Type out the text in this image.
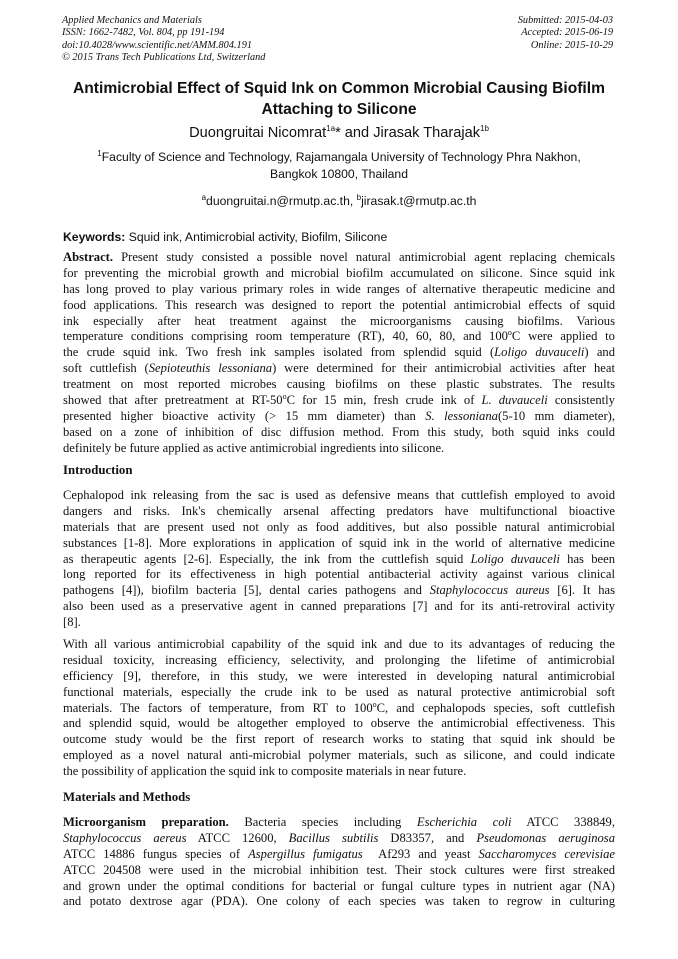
Applied Mechanics and Materials
ISSN: 1662-7482, Vol. 804, pp 191-194
doi:10.4028/www.scientific.net/AMM.804.191
© 2015 Trans Tech Publications Ltd, Switzerland
Submitted: 2015-04-03
Accepted: 2015-06-19
Online: 2015-10-29
Antimicrobial Effect of Squid Ink on Common Microbial Causing Biofilm
Attaching to Silicone
Duongruitai Nicomrat$^{1a}$* and Jirasak Tharajak$^{1b}$
$^1$Faculty of Science and Technology, Rajamangala University of Technology Phra Nakhon,
Bangkok 10800, Thailand
$^a$duongruitai.n@rmutp.ac.th, $^b$jirasak.t@rmutp.ac.th
Keywords: Squid ink, Antimicrobial activity, Biofilm, Silicone
Abstract. Present study consisted a possible novel natural antimicrobial agent replacing chemicals
for preventing the microbial growth and microbial biofilm accumulated on silicone. Since squid ink
has long proved to play various primary roles in wide ranges of alternative therapeutic medicine and
food applications. This research was designed to report the potential antimicrobial effects of squid
ink especially after heat treatment against the microorganisms causing biofilms. Various
temperature conditions comprising room temperature (RT), 40, 60, 80, and 100$^o$C were applied to
the crude squid ink. Two fresh ink samples isolated from splendid squid (Loligo duvauceli) and
soft cuttlefish (Sepioteuthis lessoniana) were determined for their antimicrobial activities after heat
treatment on most reported microbes causing biofilms on these plastic substrates. The results
showed that after pretreatment at RT-50$^o$C for 15 min, fresh crude ink of L. duvauceli consistently
presented higher bioactive activity (> 15 mm diameter) than S. lessoniana(5-10 mm diameter),
based on a zone of inhibition of disc diffusion method. From this study, both squid inks could
definitely be future applied as active antimicrobial ingredients into silicone.
Introduction
Cephalopod ink releasing from the sac is used as defensive means that cuttlefish employed to avoid
dangers and risks. Ink's chemically arsenal affecting predators have multifunctional bioactive
materials that are present used not only as food additives, but also possible natural antimicrobial
substances [1-8]. More explorations in application of squid ink in the world of alternative medicine
as therapeutic agents [2-6]. Especially, the ink from the cuttlefish squid Loligo duvauceli has been
long reported for its effectiveness in high potential antibacterial activity against various clinical
pathogens [4]), biofilm bacteria [5], dental caries pathogens and Staphylococcus aureus [6]. It has
also been used as a preservative agent in canned preparations [7] and for its anti-retroviral activity
[8].
With all various antimicrobial capability of the squid ink and due to its advantages of reducing the
residual toxicity, increasing efficiency, selectivity, and prolonging the lifetime of antimicrobial
efficiency [9], therefore, in this study, we were interested in developing natural antimicrobial
functional materials, especially the crude ink to be used as natural protective antimicrobial soft
materials. The factors of temperature, from RT to 100$^o$C, and cephalopods species, soft cuttlefish
and splendid squid, would be altogether employed to observe the antimicrobial effectiveness. This
outcome study would be the first report of research works to stating that squid ink should be
employed as a novel natural anti-microbial polymer materials, such as silicone, and could indicate
the possibility of application the squid ink to composite materials in near future.
Materials and Methods
Microorganism preparation. Bacteria species including Escherichia coli ATCC 338849,
Staphylococcus aereus ATCC 12600, Bacillus subtilis D83357, and Pseudomonas aeruginosa
ATCC 14886 fungus species of Aspergillus fumigatus  Af293 and yeast Saccharomyces cerevisiae
ATCC 204508 were used in the microbial inhibition test. Their stock cultures were first streaked
and grown under the optimal conditions for bacterial or fungal culture types in nutrient agar (NA)
and potato dextrose agar (PDA). One colony of each species was taken to regrow in culturing
